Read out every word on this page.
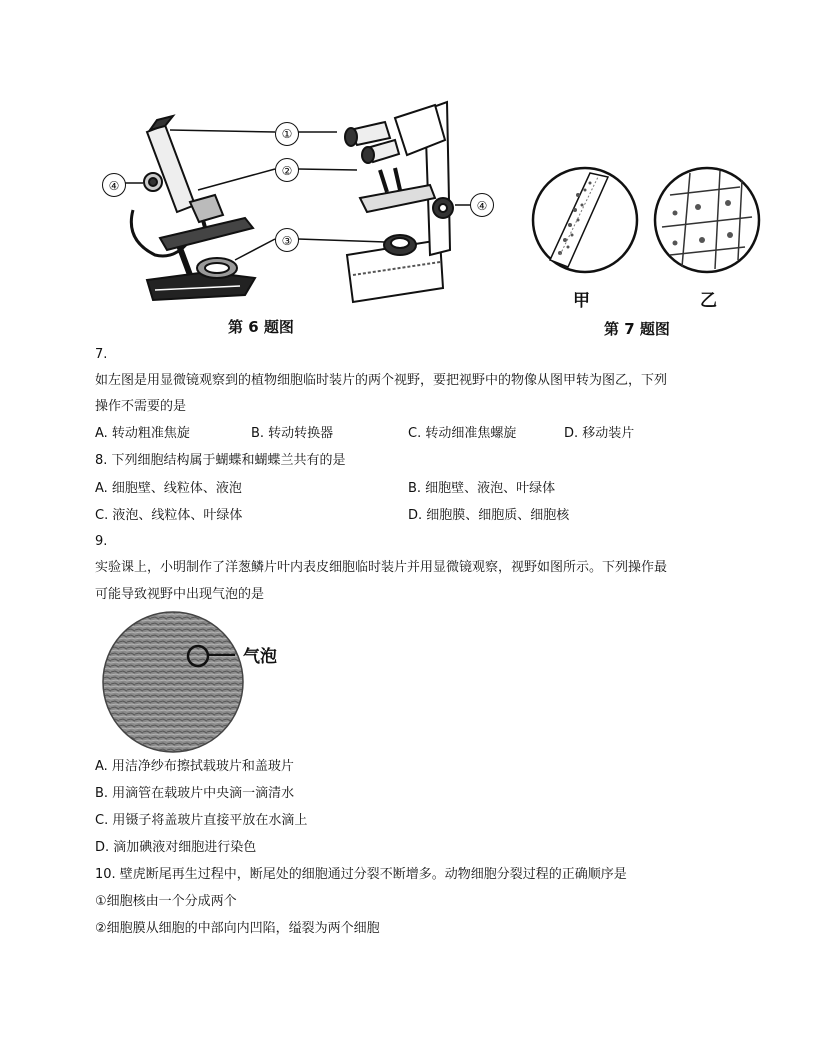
①
②
③
④
④
第 6 题图
甲	乙
第 7 题图
7.
如左图是用显微镜观察到的植物细胞临时装片的两个视野，要把视野中的物像从图甲转为图乙，下列
操作不需要的是
A. 转动粗准焦旋	B. 转动转换器	C. 转动细准焦螺旋	D. 移动装片
8. 下列细胞结构属于蝴蝶和蝴蝶兰共有的是
A. 细胞壁、线粒体、液泡	B. 细胞壁、液泡、叶绿体
C. 液泡、线粒体、叶绿体	D. 细胞膜、细胞质、细胞核
9.
实验课上，小明制作了洋葱鳞片叶内表皮细胞临时装片并用显微镜观察，视野如图所示。下列操作最
可能导致视野中出现气泡的是
气泡
A. 用洁净纱布擦拭载玻片和盖玻片
B. 用滴管在载玻片中央滴一滴清水
C. 用镊子将盖玻片直接平放在水滴上
D. 滴加碘液对细胞进行染色
10. 壁虎断尾再生过程中，断尾处的细胞通过分裂不断增多。动物细胞分裂过程的正确顺序是
①细胞核由一个分成两个
②细胞膜从细胞的中部向内凹陷，缢裂为两个细胞
